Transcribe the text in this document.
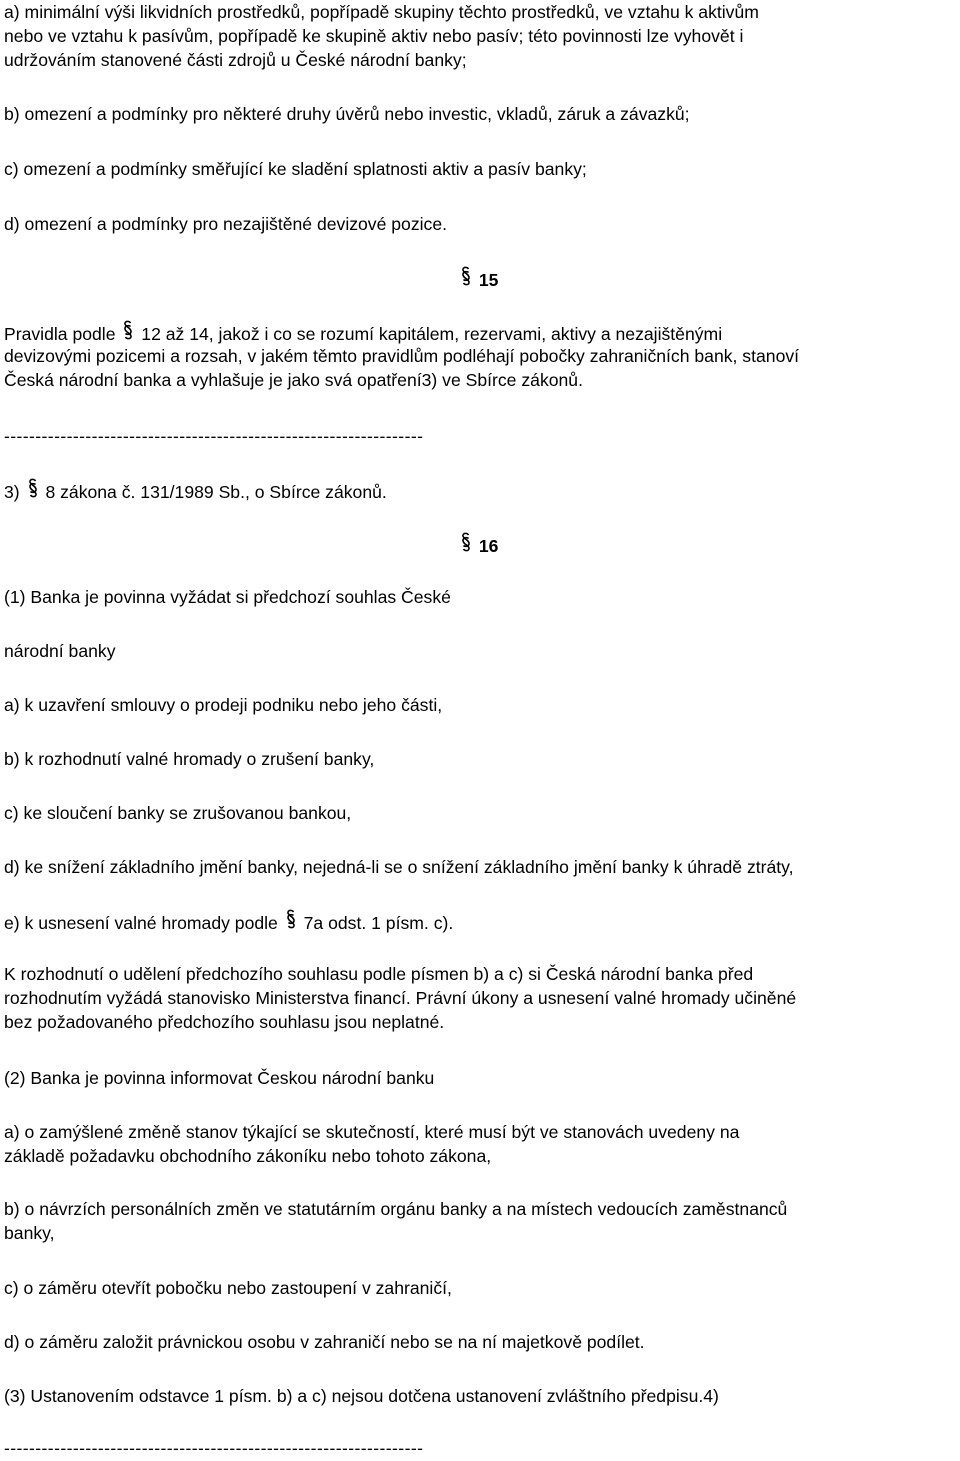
a) minimální výši likvidních prostředků, popřípadě skupiny těchto prostředků, ve vztahu k aktivům
nebo ve vztahu k pasívům, popřípadě ke skupině aktiv nebo pasív; této povinnosti lze vyhovět i
udržováním stanovené části zdrojů u České národní banky;
b) omezení a podmínky pro některé druhy úvěrů nebo investic, vkladů, záruk a závazků;
c) omezení a podmínky směřující ke sladění splatnosti aktiv a pasív banky;
d) omezení a podmínky pro nezajištěné devizové pozice.
15
Pravidla podle 12 až 14, jakož i co se rozumí kapitálem, rezervami, aktivy a nezajištěnými
devizovými pozicemi a rozsah, v jakém těmto pravidlům podléhají pobočky zahraničních bank, stanoví
Česká národní banka a vyhlašuje je jako svá opatření3) ve Sbírce zákonů.
-------------------------------------------------------------------
3) 8 zákona č. 131/1989 Sb., o Sbírce zákonů.
16
(1) Banka je povinna vyžádat si předchozí souhlas České
národní banky
a) k uzavření smlouvy o prodeji podniku nebo jeho části,
b) k rozhodnutí valné hromady o zrušení banky,
c) ke sloučení banky se zrušovanou bankou,
d) ke snížení základního jmění banky, nejedná-li se o snížení základního jmění banky k úhradě ztráty,
e) k usnesení valné hromady podle 7a odst. 1 písm. c).
K rozhodnutí o udělení předchozího souhlasu podle písmen b) a c) si Česká národní banka před
rozhodnutím vyžádá stanovisko Ministerstva financí. Právní úkony a usnesení valné hromady učiněné
bez požadovaného předchozího souhlasu jsou neplatné.
(2) Banka je povinna informovat Českou národní banku
a) o zamýšlené změně stanov týkající se skutečností, které musí být ve stanovách uvedeny na
základě požadavku obchodního zákoníku nebo tohoto zákona,
b) o návrzích personálních změn ve statutárním orgánu banky a na místech vedoucích zaměstnanců
banky,
c) o záměru otevřít pobočku nebo zastoupení v zahraničí,
d) o záměru založit právnickou osobu v zahraničí nebo se na ní majetkově podílet.
(3) Ustanovením odstavce 1 písm. b) a c) nejsou dotčena ustanovení zvláštního předpisu.4)
-------------------------------------------------------------------
